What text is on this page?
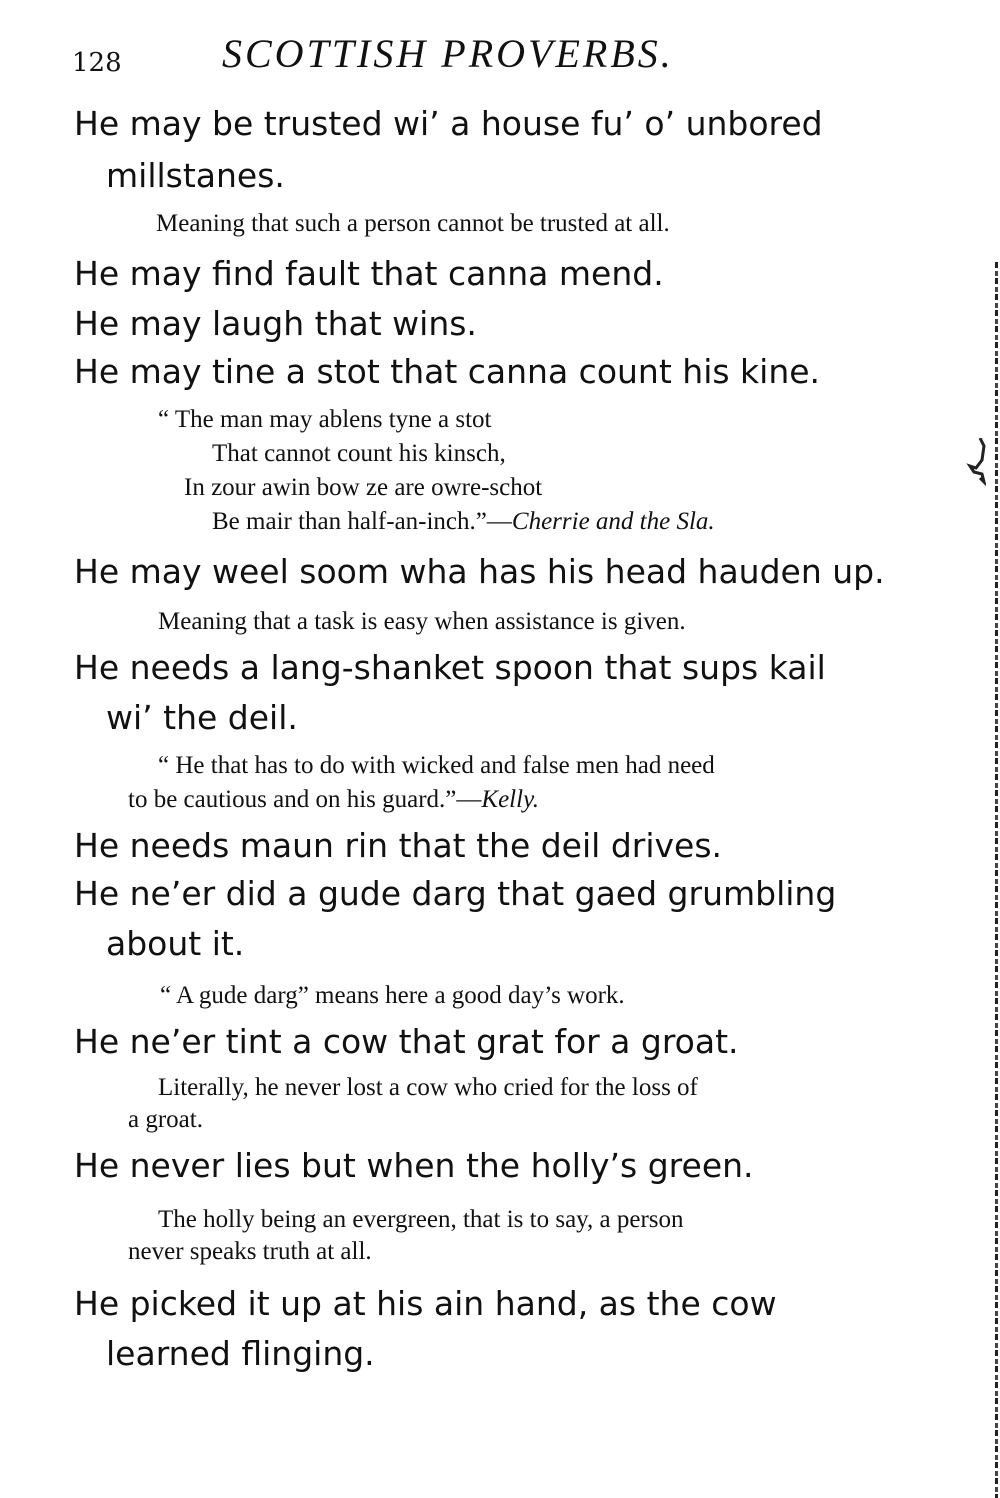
128	SCOTTISH PROVERBS.
He may be trusted wi’ a house fu’ o’ unbored
millstanes.
Meaning that such a person cannot be trusted at all.
He may find fault that canna mend.
He may laugh that wins.
He may tine a stot that canna count his kine.
“ The man may ablens tyne a stot
That cannot count his kinsch,
In zour awin bow ze are owre-schot
Be mair than half-an-inch.”—Cherrie and the Sla.
He may weel soom wha has his head hauden up.
Meaning that a task is easy when assistance is given.
He needs a lang-shanket spoon that sups kail
wi’ the deil.
“ He that has to do with wicked and false men had need
to be cautious and on his guard.”—Kelly.
He needs maun rin that the deil drives.
He ne’er did a gude darg that gaed grumbling
about it.
“ A gude darg” means here a good day’s work.
He ne’er tint a cow that grat for a groat.
Literally, he never lost a cow who cried for the loss of
a groat.
He never lies but when the holly’s green.
The holly being an evergreen, that is to say, a person
never speaks truth at all.
He picked it up at his ain hand, as the cow
learned flinging.
